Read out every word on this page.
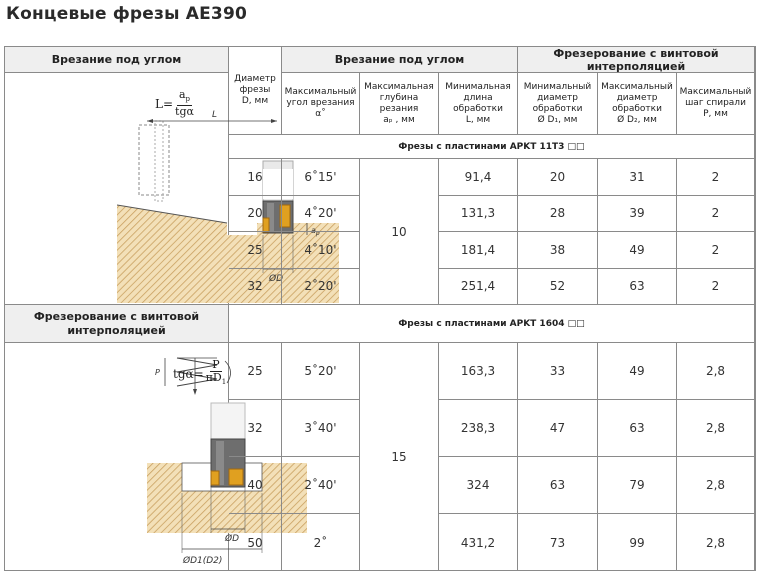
Концевые фрезы AE390
Врезание под углом
L
$a_p$
ØD
$L= \frac{a_p}{\text{tgα}}$
Фрезерование с винтовой
интерполяцией
P
ØD
ØD1(D2)
$tg\alpha= \frac{P}{\pi D_1}$
Диаметр
фрезы
D, мм
Врезание под углом	Фрезерование с винтовой интерполяцией
Максимальный
угол врезания
α˚
Максимальная
глубина
резания
aₚ , мм
Минимальная
длина
обработки
L, мм
Минимальный
диаметр
обработки
Ø D₁, мм
Максимальный
диаметр
обработки
Ø D₂, мм
Максимальный
шаг спирали
P, мм
Фрезы с пластинами APKT 11T3 □□
Фрезы с пластинами APKT 1604 □□
16	6˚15'	91,4	20	31	2
20	4˚20'	131,3	28	39	2
25	4˚10'	181,4	38	49	2
32	2˚20'	251,4	52	63	2
10
25	5˚20'	163,3	33	49	2,8
32	3˚40'	238,3	47	63	2,8
40	2˚40'	324	63	79	2,8
50	2˚	431,2	73	99	2,8
15
